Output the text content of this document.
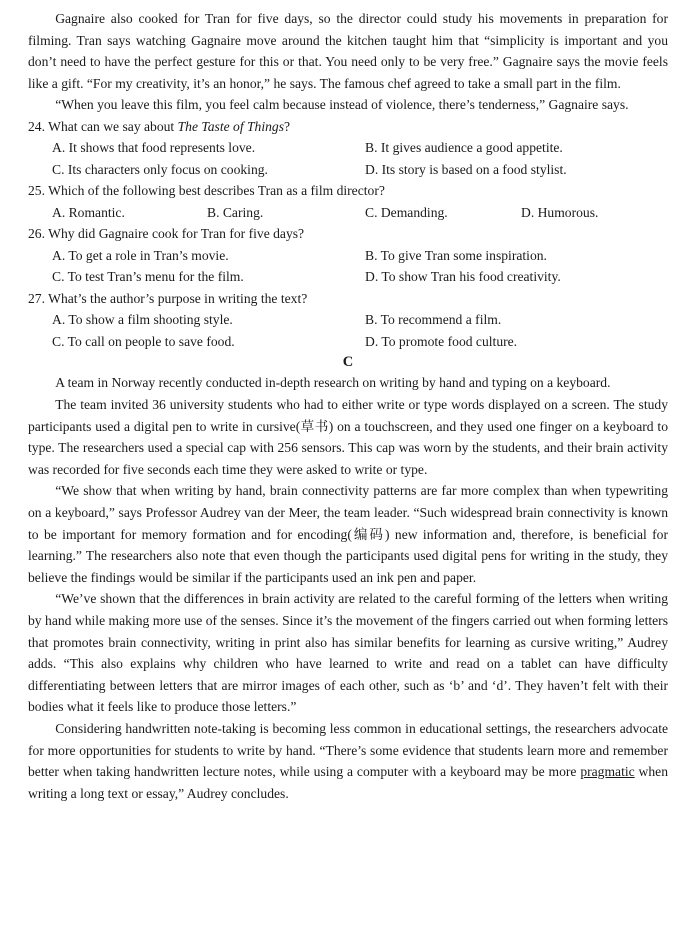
Gagnaire also cooked for Tran for five days, so the director could study his movements in preparation for filming. Tran says watching Gagnaire move around the kitchen taught him that “simplicity is important and you don’t need to have the perfect gesture for this or that. You need only to be very free.” Gagnaire says the movie feels like a gift. “For my creativity, it’s an honor,” he says. The famous chef agreed to take a small part in the film.

“When you leave this film, you feel calm because instead of violence, there’s tenderness,” Gagnaire says.

24. What can we say about The Taste of Things?

A. It shows that food represents love.	B. It gives audience a good appetite.
C. Its characters only focus on cooking.	D. Its story is based on a food stylist.

25. Which of the following best describes Tran as a film director?

A. Romantic.	B. Caring.	C. Demanding.	D. Humorous.

26. Why did Gagnaire cook for Tran for five days?

A. To get a role in Tran’s movie.	B. To give Tran some inspiration.
C. To test Tran’s menu for the film.	D. To show Tran his food creativity.

27. What’s the author’s purpose in writing the text?

A. To show a film shooting style.	B. To recommend a film.
C. To call on people to save food.	D. To promote food culture.

C

A team in Norway recently conducted in-depth research on writing by hand and typing on a keyboard.

The team invited 36 university students who had to either write or type words displayed on a screen. The study participants used a digital pen to write in cursive(草书) on a touchscreen, and they used one finger on a keyboard to type. The researchers used a special cap with 256 sensors. This cap was worn by the students, and their brain activity was recorded for five seconds each time they were asked to write or type.

“We show that when writing by hand, brain connectivity patterns are far more complex than when typewriting on a keyboard,” says Professor Audrey van der Meer, the team leader. “Such widespread brain connectivity is known to be important for memory formation and for encoding(编码) new information and, therefore, is beneficial for learning.” The researchers also note that even though the participants used digital pens for writing in the study, they believe the findings would be similar if the participants used an ink pen and paper.

“We’ve shown that the differences in brain activity are related to the careful forming of the letters when writing by hand while making more use of the senses. Since it’s the movement of the fingers carried out when forming letters that promotes brain connectivity, writing in print also has similar benefits for learning as cursive writing,” Audrey adds. “This also explains why children who have learned to write and read on a tablet can have difficulty differentiating between letters that are mirror images of each other, such as ‘b’ and ‘d’. They haven’t felt with their bodies what it feels like to produce those letters.”

Considering handwritten note-taking is becoming less common in educational settings, the researchers advocate for more opportunities for students to write by hand. “There’s some evidence that students learn more and remember better when taking handwritten lecture notes, while using a computer with a keyboard may be more pragmatic when writing a long text or essay,” Audrey concludes.
